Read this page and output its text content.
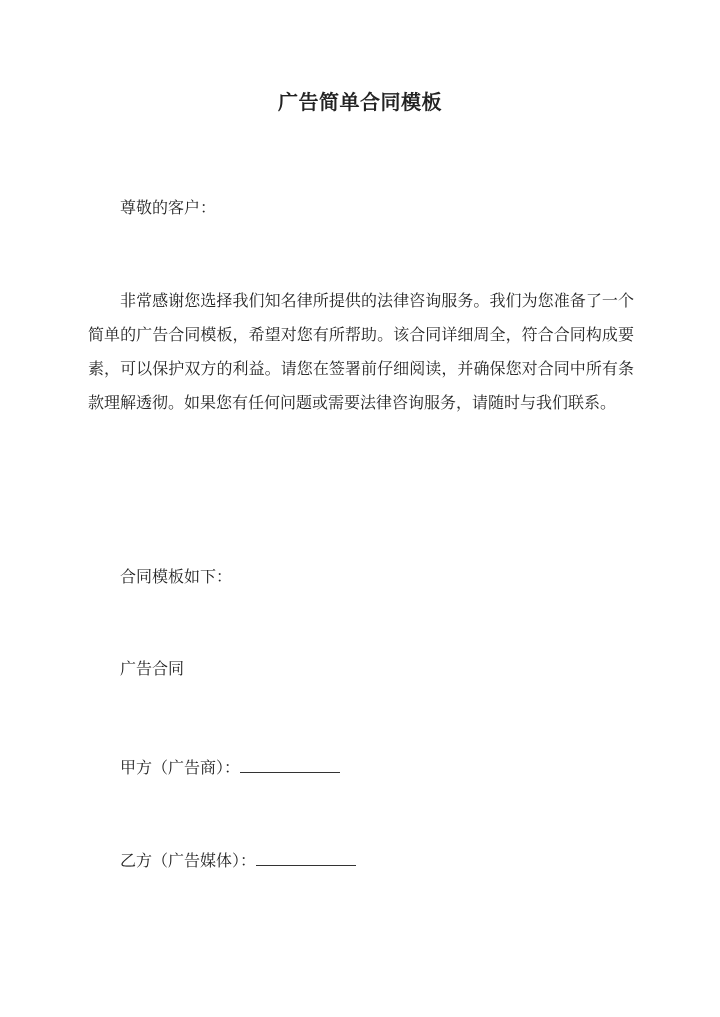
广告简单合同模板

尊敬的客户：

非常感谢您选择我们知名律所提供的法律咨询服务。我们为您准备了一个简单的广告合同模板，希望对您有所帮助。该合同详细周全，符合合同构成要素，可以保护双方的利益。请您在签署前仔细阅读，并确保您对合同中所有条款理解透彻。如果您有任何问题或需要法律咨询服务，请随时与我们联系。

合同模板如下：

广告合同

甲方（广告商）：

乙方（广告媒体）：
